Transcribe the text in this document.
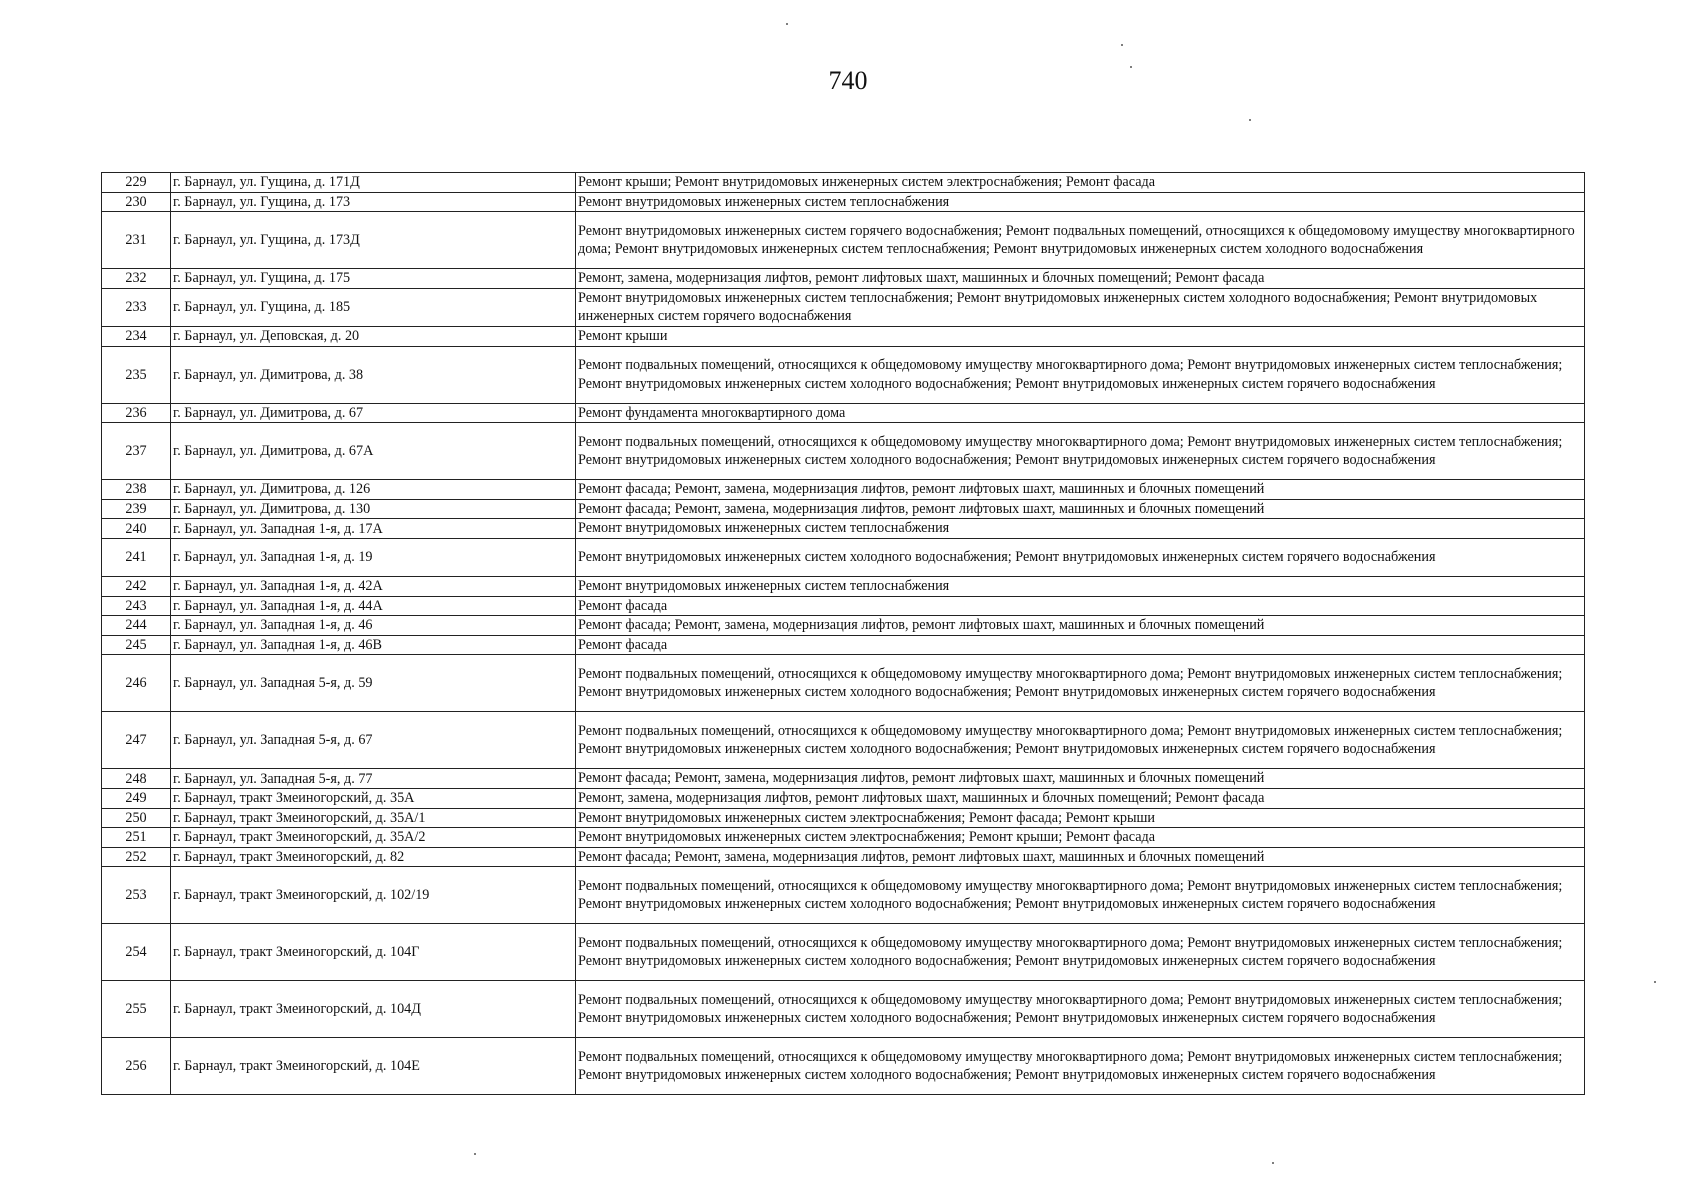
740
229	г. Барнаул, ул. Гущина, д. 171Д	Ремонт крыши; Ремонт внутридомовых инженерных систем электроснабжения; Ремонт фасада
230	г. Барнаул, ул. Гущина, д. 173	Ремонт внутридомовых инженерных систем теплоснабжения
231	г. Барнаул, ул. Гущина, д. 173Д	Ремонт внутридомовых инженерных систем горячего водоснабжения; Ремонт подвальных помещений, относящихся к общедомовому имуществу многоквартирного дома; Ремонт внутридомовых инженерных систем теплоснабжения; Ремонт внутридомовых инженерных систем холодного водоснабжения
232	г. Барнаул, ул. Гущина, д. 175	Ремонт, замена, модернизация лифтов, ремонт лифтовых шахт, машинных и блочных помещений; Ремонт фасада
233	г. Барнаул, ул. Гущина, д. 185	Ремонт внутридомовых инженерных систем теплоснабжения; Ремонт внутридомовых инженерных систем холодного водоснабжения; Ремонт внутридомовых инженерных систем горячего водоснабжения
234	г. Барнаул, ул. Деповская, д. 20	Ремонт крыши
235	г. Барнаул, ул. Димитрова, д. 38	Ремонт подвальных помещений, относящихся к общедомовому имуществу многоквартирного дома; Ремонт внутридомовых инженерных систем теплоснабжения; Ремонт внутридомовых инженерных систем холодного водоснабжения; Ремонт внутридомовых инженерных систем горячего водоснабжения
236	г. Барнаул, ул. Димитрова, д. 67	Ремонт фундамента многоквартирного дома
237	г. Барнаул, ул. Димитрова, д. 67А	Ремонт подвальных помещений, относящихся к общедомовому имуществу многоквартирного дома; Ремонт внутридомовых инженерных систем теплоснабжения; Ремонт внутридомовых инженерных систем холодного водоснабжения; Ремонт внутридомовых инженерных систем горячего водоснабжения
238	г. Барнаул, ул. Димитрова, д. 126	Ремонт фасада; Ремонт, замена, модернизация лифтов, ремонт лифтовых шахт, машинных и блочных помещений
239	г. Барнаул, ул. Димитрова, д. 130	Ремонт фасада; Ремонт, замена, модернизация лифтов, ремонт лифтовых шахт, машинных и блочных помещений
240	г. Барнаул, ул. Западная 1-я, д. 17А	Ремонт внутридомовых инженерных систем теплоснабжения
241	г. Барнаул, ул. Западная 1-я, д. 19	Ремонт внутридомовых инженерных систем холодного водоснабжения; Ремонт внутридомовых инженерных систем горячего водоснабжения
242	г. Барнаул, ул. Западная 1-я, д. 42А	Ремонт внутридомовых инженерных систем теплоснабжения
243	г. Барнаул, ул. Западная 1-я, д. 44А	Ремонт фасада
244	г. Барнаул, ул. Западная 1-я, д. 46	Ремонт фасада; Ремонт, замена, модернизация лифтов, ремонт лифтовых шахт, машинных и блочных помещений
245	г. Барнаул, ул. Западная 1-я, д. 46В	Ремонт фасада
246	г. Барнаул, ул. Западная 5-я, д. 59	Ремонт подвальных помещений, относящихся к общедомовому имуществу многоквартирного дома; Ремонт внутридомовых инженерных систем теплоснабжения; Ремонт внутридомовых инженерных систем холодного водоснабжения; Ремонт внутридомовых инженерных систем горячего водоснабжения
247	г. Барнаул, ул. Западная 5-я, д. 67	Ремонт подвальных помещений, относящихся к общедомовому имуществу многоквартирного дома; Ремонт внутридомовых инженерных систем теплоснабжения; Ремонт внутридомовых инженерных систем холодного водоснабжения; Ремонт внутридомовых инженерных систем горячего водоснабжения
248	г. Барнаул, ул. Западная 5-я, д. 77	Ремонт фасада; Ремонт, замена, модернизация лифтов, ремонт лифтовых шахт, машинных и блочных помещений
249	г. Барнаул, тракт Змеиногорский, д. 35А	Ремонт, замена, модернизация лифтов, ремонт лифтовых шахт, машинных и блочных помещений; Ремонт фасада
250	г. Барнаул, тракт Змеиногорский, д. 35А/1	Ремонт внутридомовых инженерных систем электроснабжения; Ремонт фасада; Ремонт крыши
251	г. Барнаул, тракт Змеиногорский, д. 35А/2	Ремонт внутридомовых инженерных систем электроснабжения; Ремонт крыши; Ремонт фасада
252	г. Барнаул, тракт Змеиногорский, д. 82	Ремонт фасада; Ремонт, замена, модернизация лифтов, ремонт лифтовых шахт, машинных и блочных помещений
253	г. Барнаул, тракт Змеиногорский, д. 102/19	Ремонт подвальных помещений, относящихся к общедомовому имуществу многоквартирного дома; Ремонт внутридомовых инженерных систем теплоснабжения; Ремонт внутридомовых инженерных систем холодного водоснабжения; Ремонт внутридомовых инженерных систем горячего водоснабжения
254	г. Барнаул, тракт Змеиногорский, д. 104Г	Ремонт подвальных помещений, относящихся к общедомовому имуществу многоквартирного дома; Ремонт внутридомовых инженерных систем теплоснабжения; Ремонт внутридомовых инженерных систем холодного водоснабжения; Ремонт внутридомовых инженерных систем горячего водоснабжения
255	г. Барнаул, тракт Змеиногорский, д. 104Д	Ремонт подвальных помещений, относящихся к общедомовому имуществу многоквартирного дома; Ремонт внутридомовых инженерных систем теплоснабжения; Ремонт внутридомовых инженерных систем холодного водоснабжения; Ремонт внутридомовых инженерных систем горячего водоснабжения
256	г. Барнаул, тракт Змеиногорский, д. 104Е	Ремонт подвальных помещений, относящихся к общедомовому имуществу многоквартирного дома; Ремонт внутридомовых инженерных систем теплоснабжения; Ремонт внутридомовых инженерных систем холодного водоснабжения; Ремонт внутридомовых инженерных систем горячего водоснабжения
